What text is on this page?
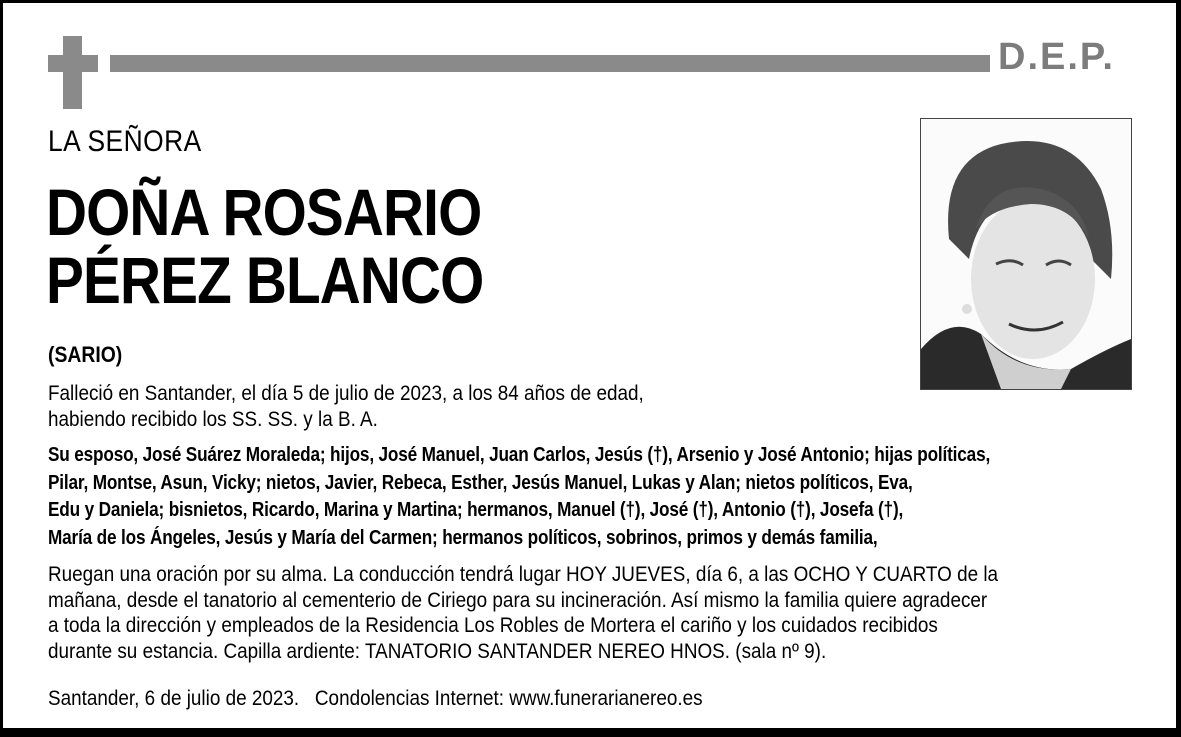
D.E.P.
LA SEÑORA
DOÑA ROSARIO
PÉREZ BLANCO
(SARIO)
Falleció en Santander, el día 5 de julio de 2023, a los 84 años de edad,
habiendo recibido los SS. SS. y la B. A.
Su esposo, José Suárez Moraleda; hijos, José Manuel, Juan Carlos, Jesús (†), Arsenio y José Antonio; hijas políticas,
Pilar, Montse, Asun, Vicky; nietos, Javier, Rebeca, Esther, Jesús Manuel, Lukas y Alan; nietos políticos, Eva,
Edu y Daniela; bisnietos, Ricardo, Marina y Martina; hermanos, Manuel (†), José (†), Antonio (†), Josefa (†),
María de los Ángeles, Jesús y María del Carmen; hermanos políticos, sobrinos, primos y demás familia,
Ruegan una oración por su alma. La conducción tendrá lugar HOY JUEVES, día 6, a las OCHO Y CUARTO de la
mañana, desde el tanatorio al cementerio de Ciriego para su incineración. Así mismo la familia quiere agradecer
a toda la dirección y empleados de la Residencia Los Robles de Mortera el cariño y los cuidados recibidos
durante su estancia. Capilla ardiente: TANATORIO SANTANDER NEREO HNOS. (sala nº 9).
Santander, 6 de julio de 2023.   Condolencias Internet: www.funerarianereo.es
